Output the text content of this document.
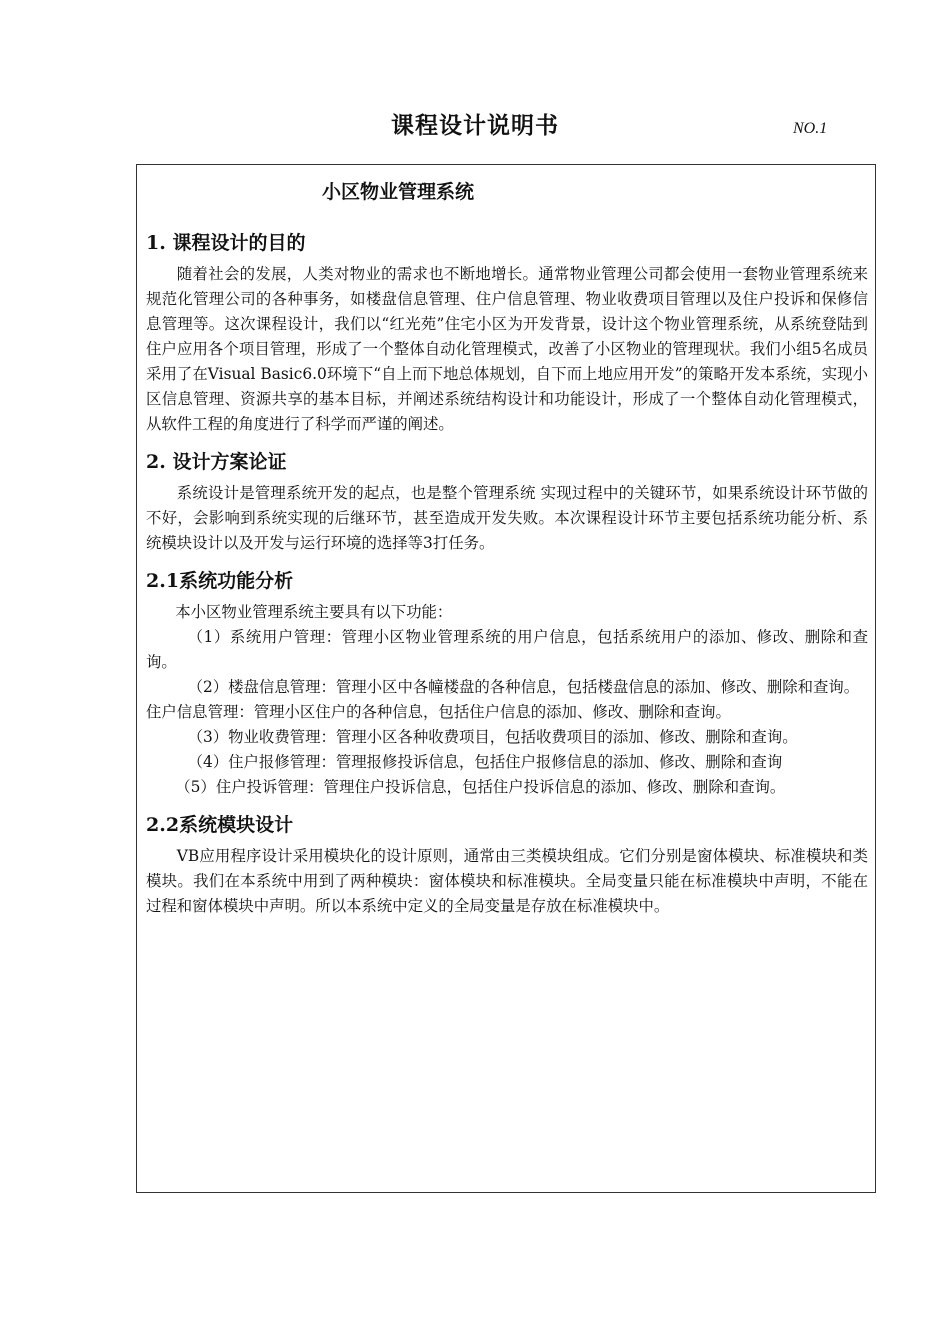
课程设计说明书	NO.1
小区物业管理系统
1. 课程设计的目的

随着社会的发展，人类对物业的需求也不断地增长。通常物业管理公司都会使用一套物业管理系统来规范化管理公司的各种事务，如楼盘信息管理、住户信息管理、物业收费项目管理以及住户投诉和保修信息管理等。这次课程设计，我们以“红光苑”住宅小区为开发背景，设计这个物业管理系统，从系统登陆到住户应用各个项目管理，形成了一个整体自动化管理模式，改善了小区物业的管理现状。我们小组5名成员采用了在Visual Basic6.0环境下“自上而下地总体规划，自下而上地应用开发”的策略开发本系统，实现小区信息管理、资源共享的基本目标，并阐述系统结构设计和功能设计，形成了一个整体自动化管理模式，从软件工程的角度进行了科学而严谨的阐述。

2. 设计方案论证

系统设计是管理系统开发的起点，也是整个管理系统 实现过程中的关键环节，如果系统设计环节做的不好，会影响到系统实现的后继环节，甚至造成开发失败。本次课程设计环节主要包括系统功能分析、系统模块设计以及开发与运行环境的选择等3打任务。

2.1系统功能分析

本小区物业管理系统主要具有以下功能：

（1）系统用户管理：管理小区物业管理系统的用户信息，包括系统用户的添加、修改、删除和查询。

（2）楼盘信息管理：管理小区中各幢楼盘的各种信息，包括楼盘信息的添加、修改、删除和查询。

住户信息管理：管理小区住户的各种信息，包括住户信息的添加、修改、删除和查询。

（3）物业收费管理：管理小区各种收费项目，包括收费项目的添加、修改、删除和查询。

（4）住户报修管理：管理报修投诉信息，包括住户报修信息的添加、修改、删除和查询

（5）住户投诉管理：管理住户投诉信息，包括住户投诉信息的添加、修改、删除和查询。

2.2系统模块设计

VB应用程序设计采用模块化的设计原则，通常由三类模块组成。它们分别是窗体模块、标准模块和类模块。我们在本系统中用到了两种模块：窗体模块和标准模块。全局变量只能在标准模块中声明，不能在过程和窗体模块中声明。所以本系统中定义的全局变量是存放在标准模块中。
